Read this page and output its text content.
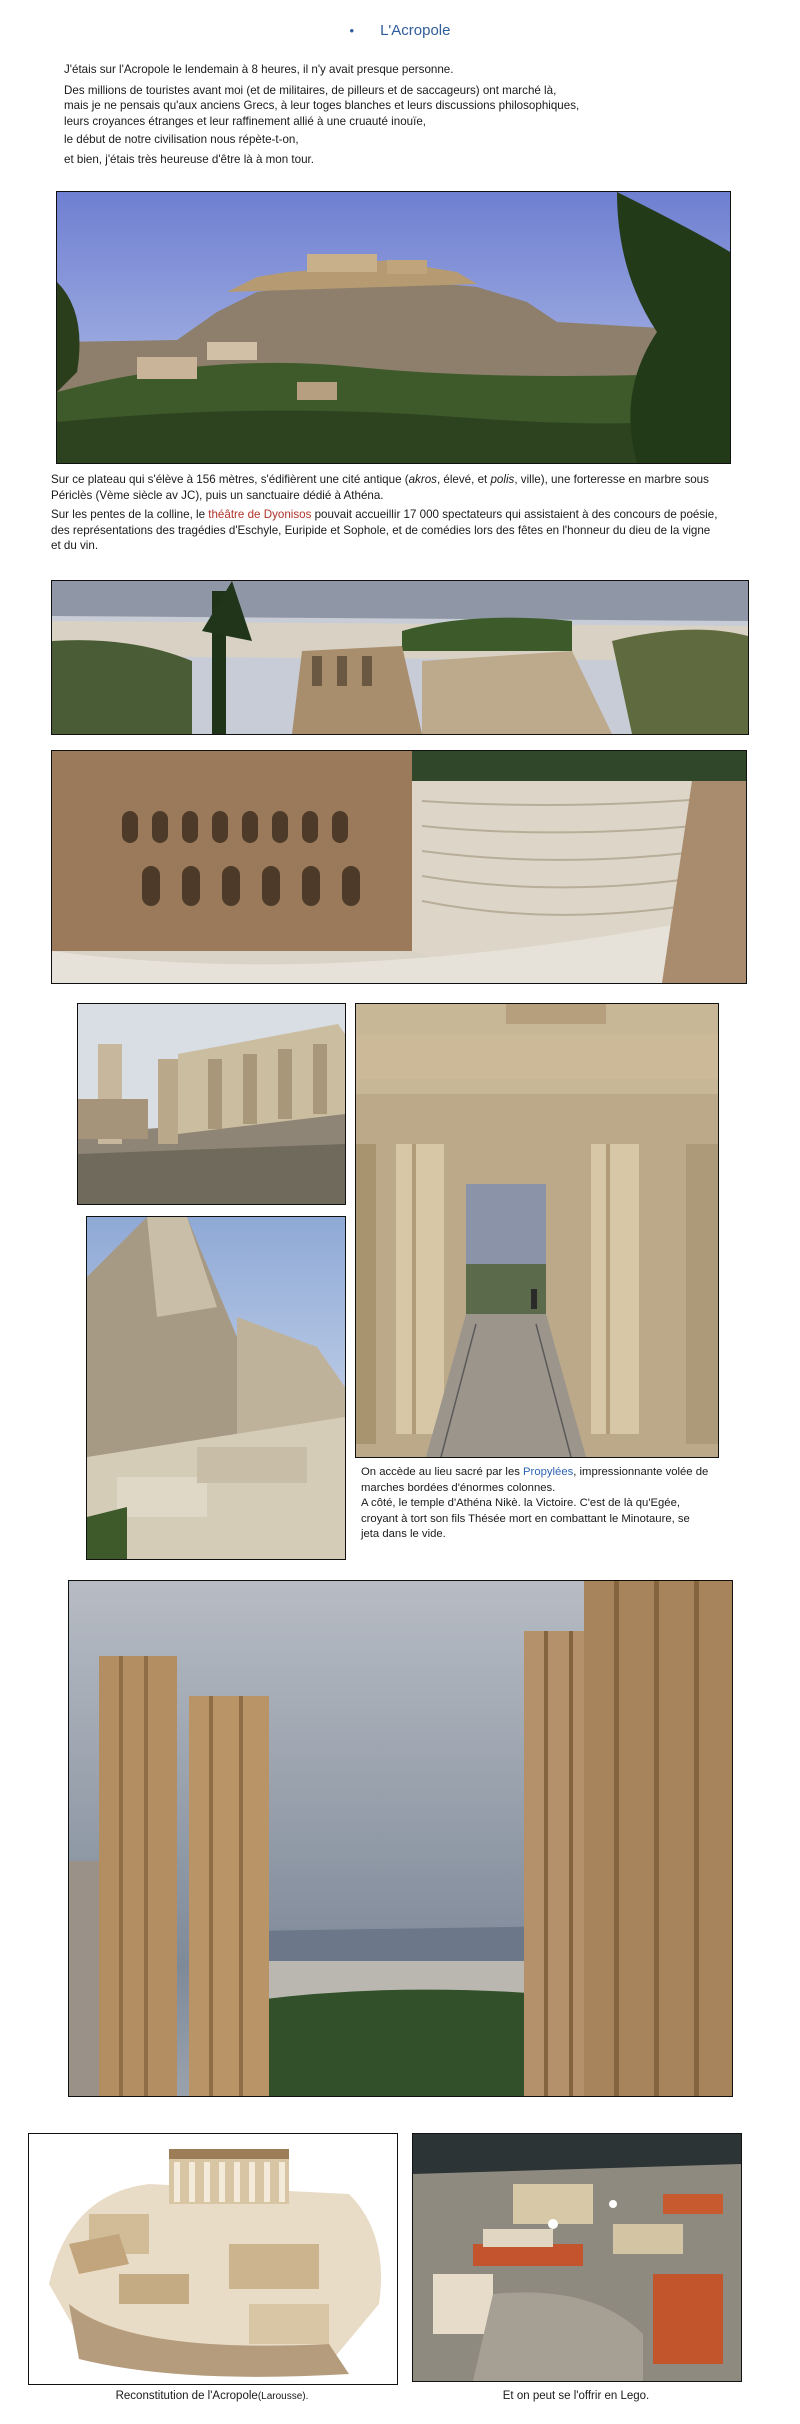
• L'Acropole

J'étais sur l'Acropole le lendemain à 8 heures, il n'y avait presque personne.

Des millions de touristes avant moi (et de militaires, de pilleurs et de saccageurs) ont marché là,

mais je ne pensais qu'aux anciens Grecs, à leur toges blanches et leurs discussions philosophiques,

leurs croyances étranges et leur raffinement allié à une cruauté inouïe,

le début de notre civilisation nous répète-t-on,

et bien, j'étais très heureuse d'être là à mon tour.

Sur ce plateau qui s'élève à 156 mètres, s'édifièrent une cité antique (akros, élevé, et polis, ville), une forteresse en marbre sous Périclès (Vème siècle av JC), puis un sanctuaire dédié à Athéna.

Sur les pentes de la colline, le théâtre de Dyonisos pouvait accueillir 17 000 spectateurs qui assistaient à des concours de poésie, des représentations des tragédies d'Eschyle, Euripide et Sophole, et de comédies lors des fêtes en l'honneur du dieu de la vigne et du vin.

On accède au lieu sacré par les Propylées, impressionnante volée de marches bordées d'énormes colonnes.

A côté, le temple d'Athéna Nikè. la Victoire. C'est de là qu'Egée, croyant à tort son fils Thésée mort en combattant le Minotaure, se jeta dans le vide.

Reconstitution de l'Acropole(Larousse).	Et on peut se l'offrir en Lego.
